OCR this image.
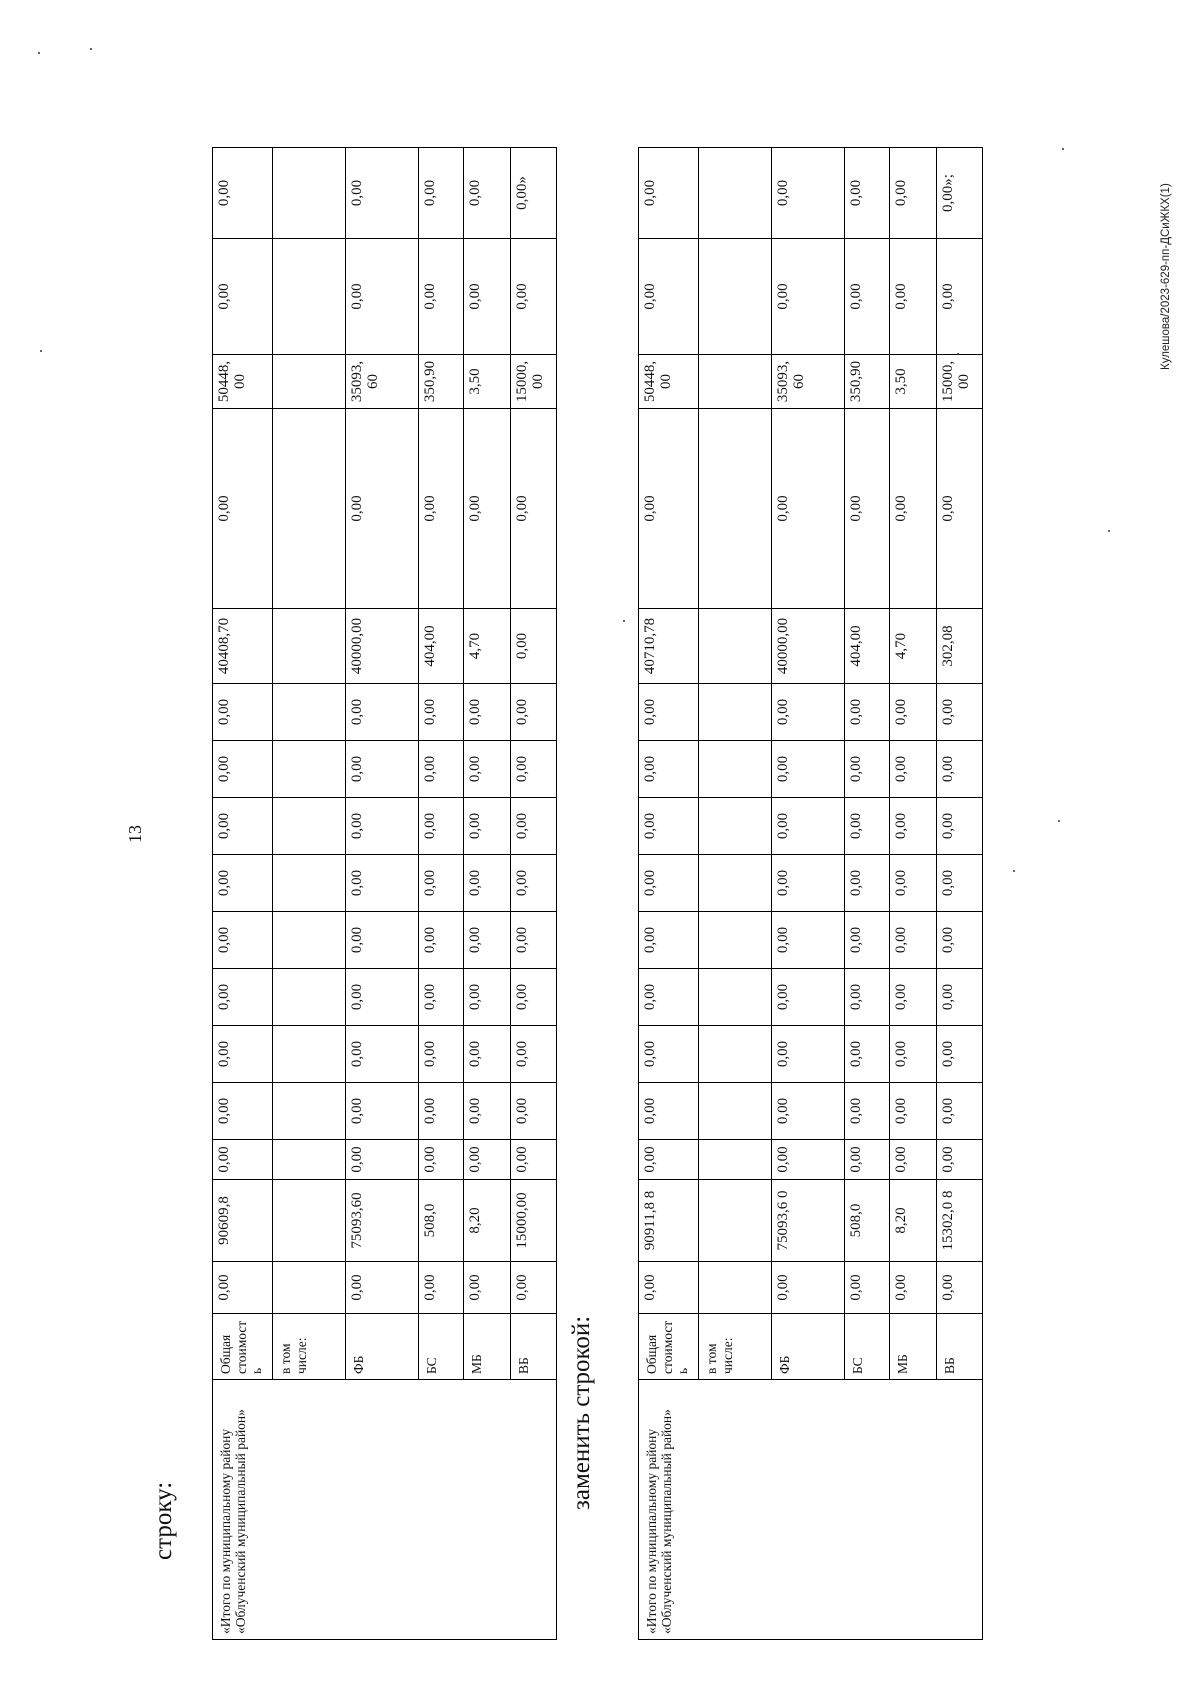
13
строку:	«Итого по муниципальному району «Облученский муниципальный район»	Общая стоимость	0,00	90609,8	0,00	0,00	0,00	0,00	0,00	0,00	0,00	0,00	0,00	40408,70	0,00	50448,00	0,00	0,00
	в том числе:																
	ФБ	0,00	75093,60	0,00	0,00	0,00	0,00	0,00	0,00	0,00	0,00	0,00	40000,00	0,00	35093,60	0,00	0,00
	БС	0,00	508,0	0,00	0,00	0,00	0,00	0,00	0,00	0,00	0,00	0,00	404,00	0,00	350,90	0,00	0,00
	МБ	0,00	8,20	0,00	0,00	0,00	0,00	0,00	0,00	0,00	0,00	0,00	4,70	0,00	3,50	0,00	0,00
	ВБ	0,00	15000,00	0,00	0,00	0,00	0,00	0,00	0,00	0,00	0,00	0,00	0,00	0,00	15000,00	0,00	0,00»
заменить строкой:
«Итого по муниципальному району «Облученский муниципальный район»	Общая стоимость	0,00	90911,8 8	0,00	0,00	0,00	0,00	0,00	0,00	0,00	0,00	0,00	40710,78	0,00	50448,00	0,00	0,00
	в том числе:																
	ФБ	0,00	75093,6 0	0,00	0,00	0,00	0,00	0,00	0,00	0,00	0,00	0,00	40000,00	0,00	35093,60	0,00	0,00
	БС	0,00	508,0	0,00	0,00	0,00	0,00	0,00	0,00	0,00	0,00	0,00	404,00	0,00	350,90	0,00	0,00
	МБ	0,00	8,20	0,00	0,00	0,00	0,00	0,00	0,00	0,00	0,00	0,00	4,70	0,00	3,50	0,00	0,00
	ВБ	0,00	15302,0 8	0,00	0,00	0,00	0,00	0,00	0,00	0,00	0,00	0,00	302,08	0,00	15000,00	0,00	0,00»;	Кулешова/2023-629-пп-ДСиЖКХ(1)
